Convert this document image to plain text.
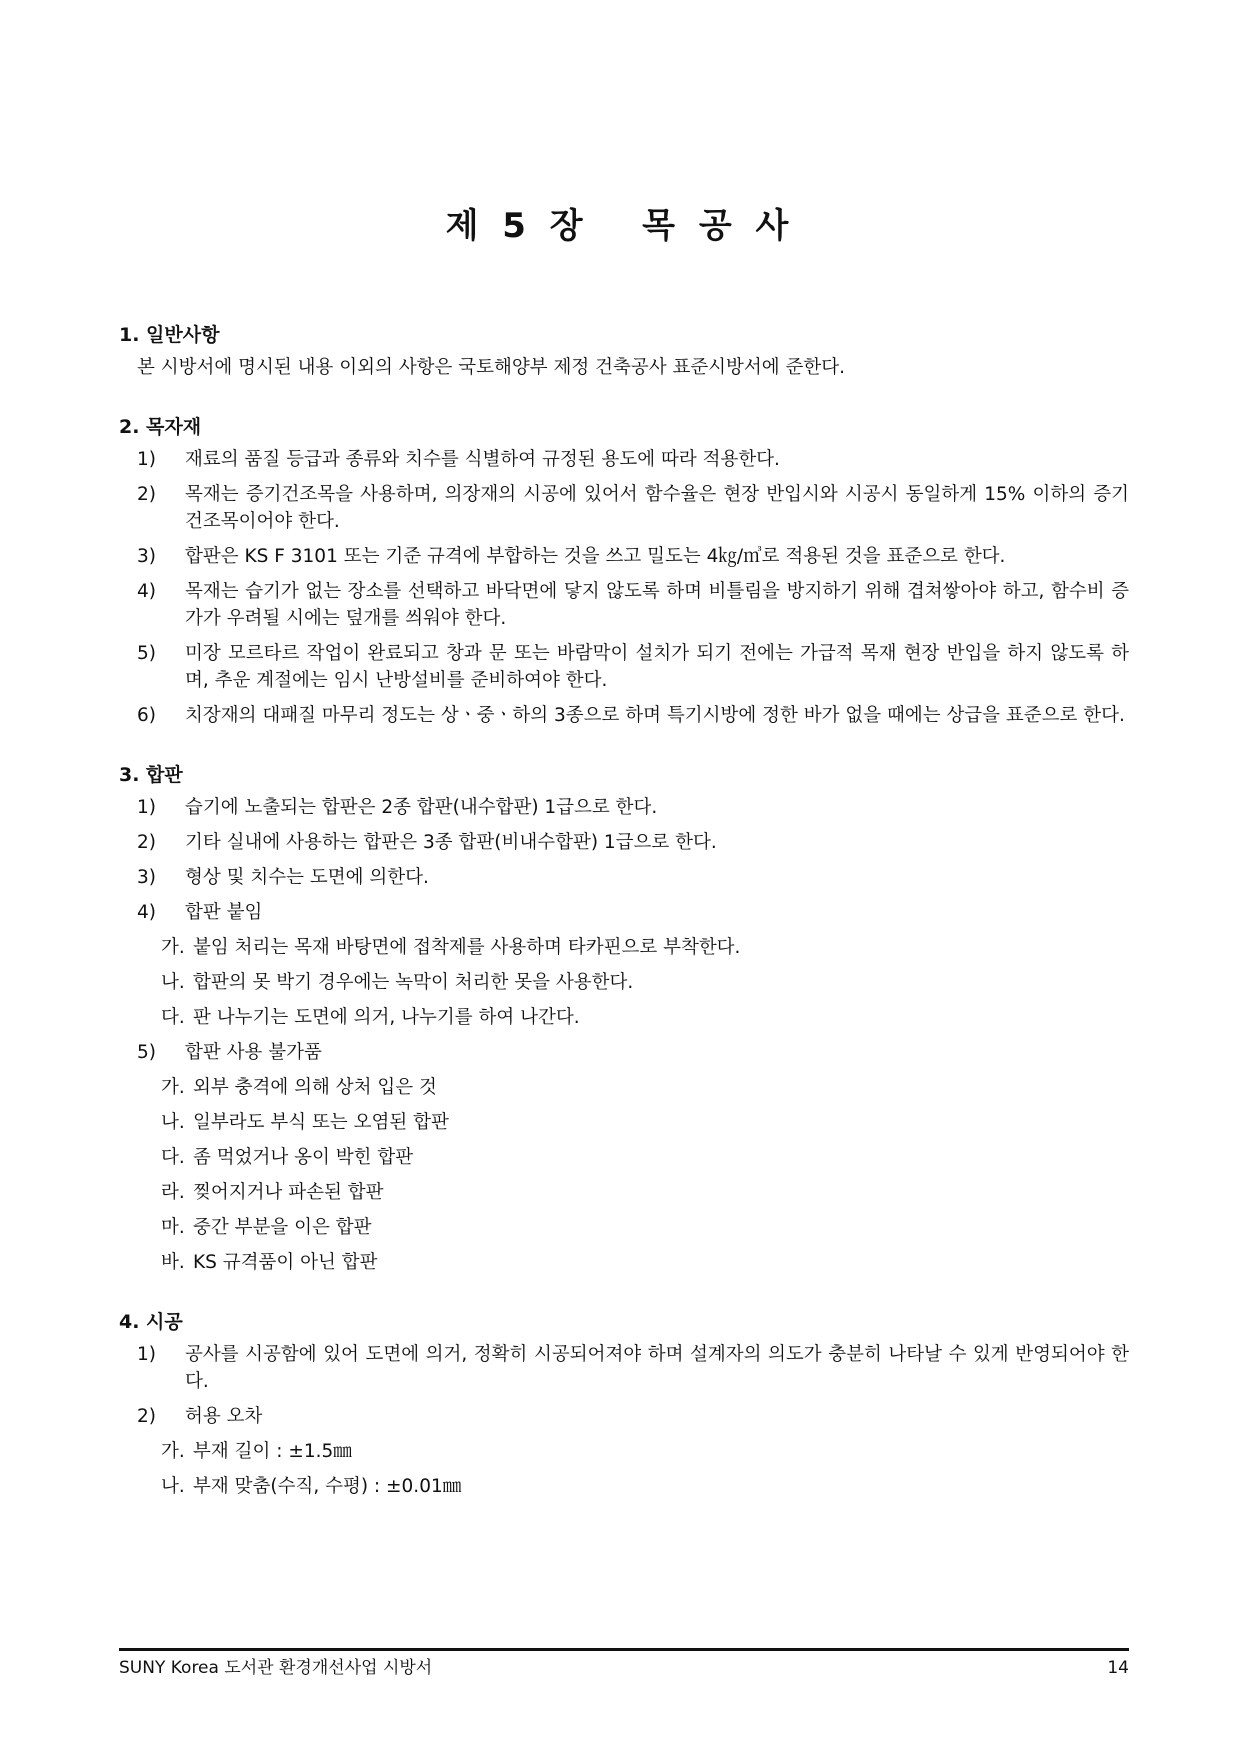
제 5 장   목 공 사
1. 일반사항
본 시방서에 명시된 내용 이외의 사항은 국토해양부 제정 건축공사 표준시방서에 준한다.
2. 목자재
1) 재료의 품질 등급과 종류와 치수를 식별하여 규정된 용도에 따라 적용한다.
2) 목재는 증기건조목을 사용하며, 의장재의 시공에 있어서 함수율은 현장 반입시와 시공시 동일하게 15% 이하의 증기건조목이어야 한다.
3) 합판은 KS F 3101 또는 기준 규격에 부합하는 것을 쓰고 밀도는 4㎏/㎥로 적용된 것을 표준으로 한다.
4) 목재는 습기가 없는 장소를 선택하고 바닥면에 닿지 않도록 하며 비틀림을 방지하기 위해 겹쳐쌓아야 하고, 함수비 증가가 우려될 시에는 덮개를 씌워야 한다.
5) 미장 모르타르 작업이 완료되고 창과 문 또는 바람막이 설치가 되기 전에는 가급적 목재 현장 반입을 하지 않도록 하며, 추운 계절에는 임시 난방설비를 준비하여야 한다.
6) 치장재의 대패질 마무리 정도는 상ㆍ중ㆍ하의 3종으로 하며 특기시방에 정한 바가 없을 때에는 상급을 표준으로 한다.
3. 합판
1) 습기에 노출되는 합판은 2종 합판(내수합판) 1급으로 한다.
2) 기타 실내에 사용하는 합판은 3종 합판(비내수합판) 1급으로 한다.
3) 형상 및 치수는 도면에 의한다.
4) 합판 붙임
가. 붙임 처리는 목재 바탕면에 접착제를 사용하며 타카핀으로 부착한다.
나. 합판의 못 박기 경우에는 녹막이 처리한 못을 사용한다.
다. 판 나누기는 도면에 의거, 나누기를 하여 나간다.
5) 합판 사용 불가품
가. 외부 충격에 의해 상처 입은 것
나. 일부라도 부식 또는 오염된 합판
다. 좀 먹었거나 옹이 박힌 합판
라. 찢어지거나 파손된 합판
마. 중간 부분을 이은 합판
바. KS 규격품이 아닌 합판
4. 시공
1) 공사를 시공함에 있어 도면에 의거, 정확히 시공되어져야 하며 설계자의 의도가 충분히 나타날 수 있게 반영되어야 한다.
2) 허용 오차
가. 부재 길이 : ±1.5㎜
나. 부재 맞춤(수직, 수평) : ±0.01㎜
SUNY Korea 도서관 환경개선사업 시방서	14
